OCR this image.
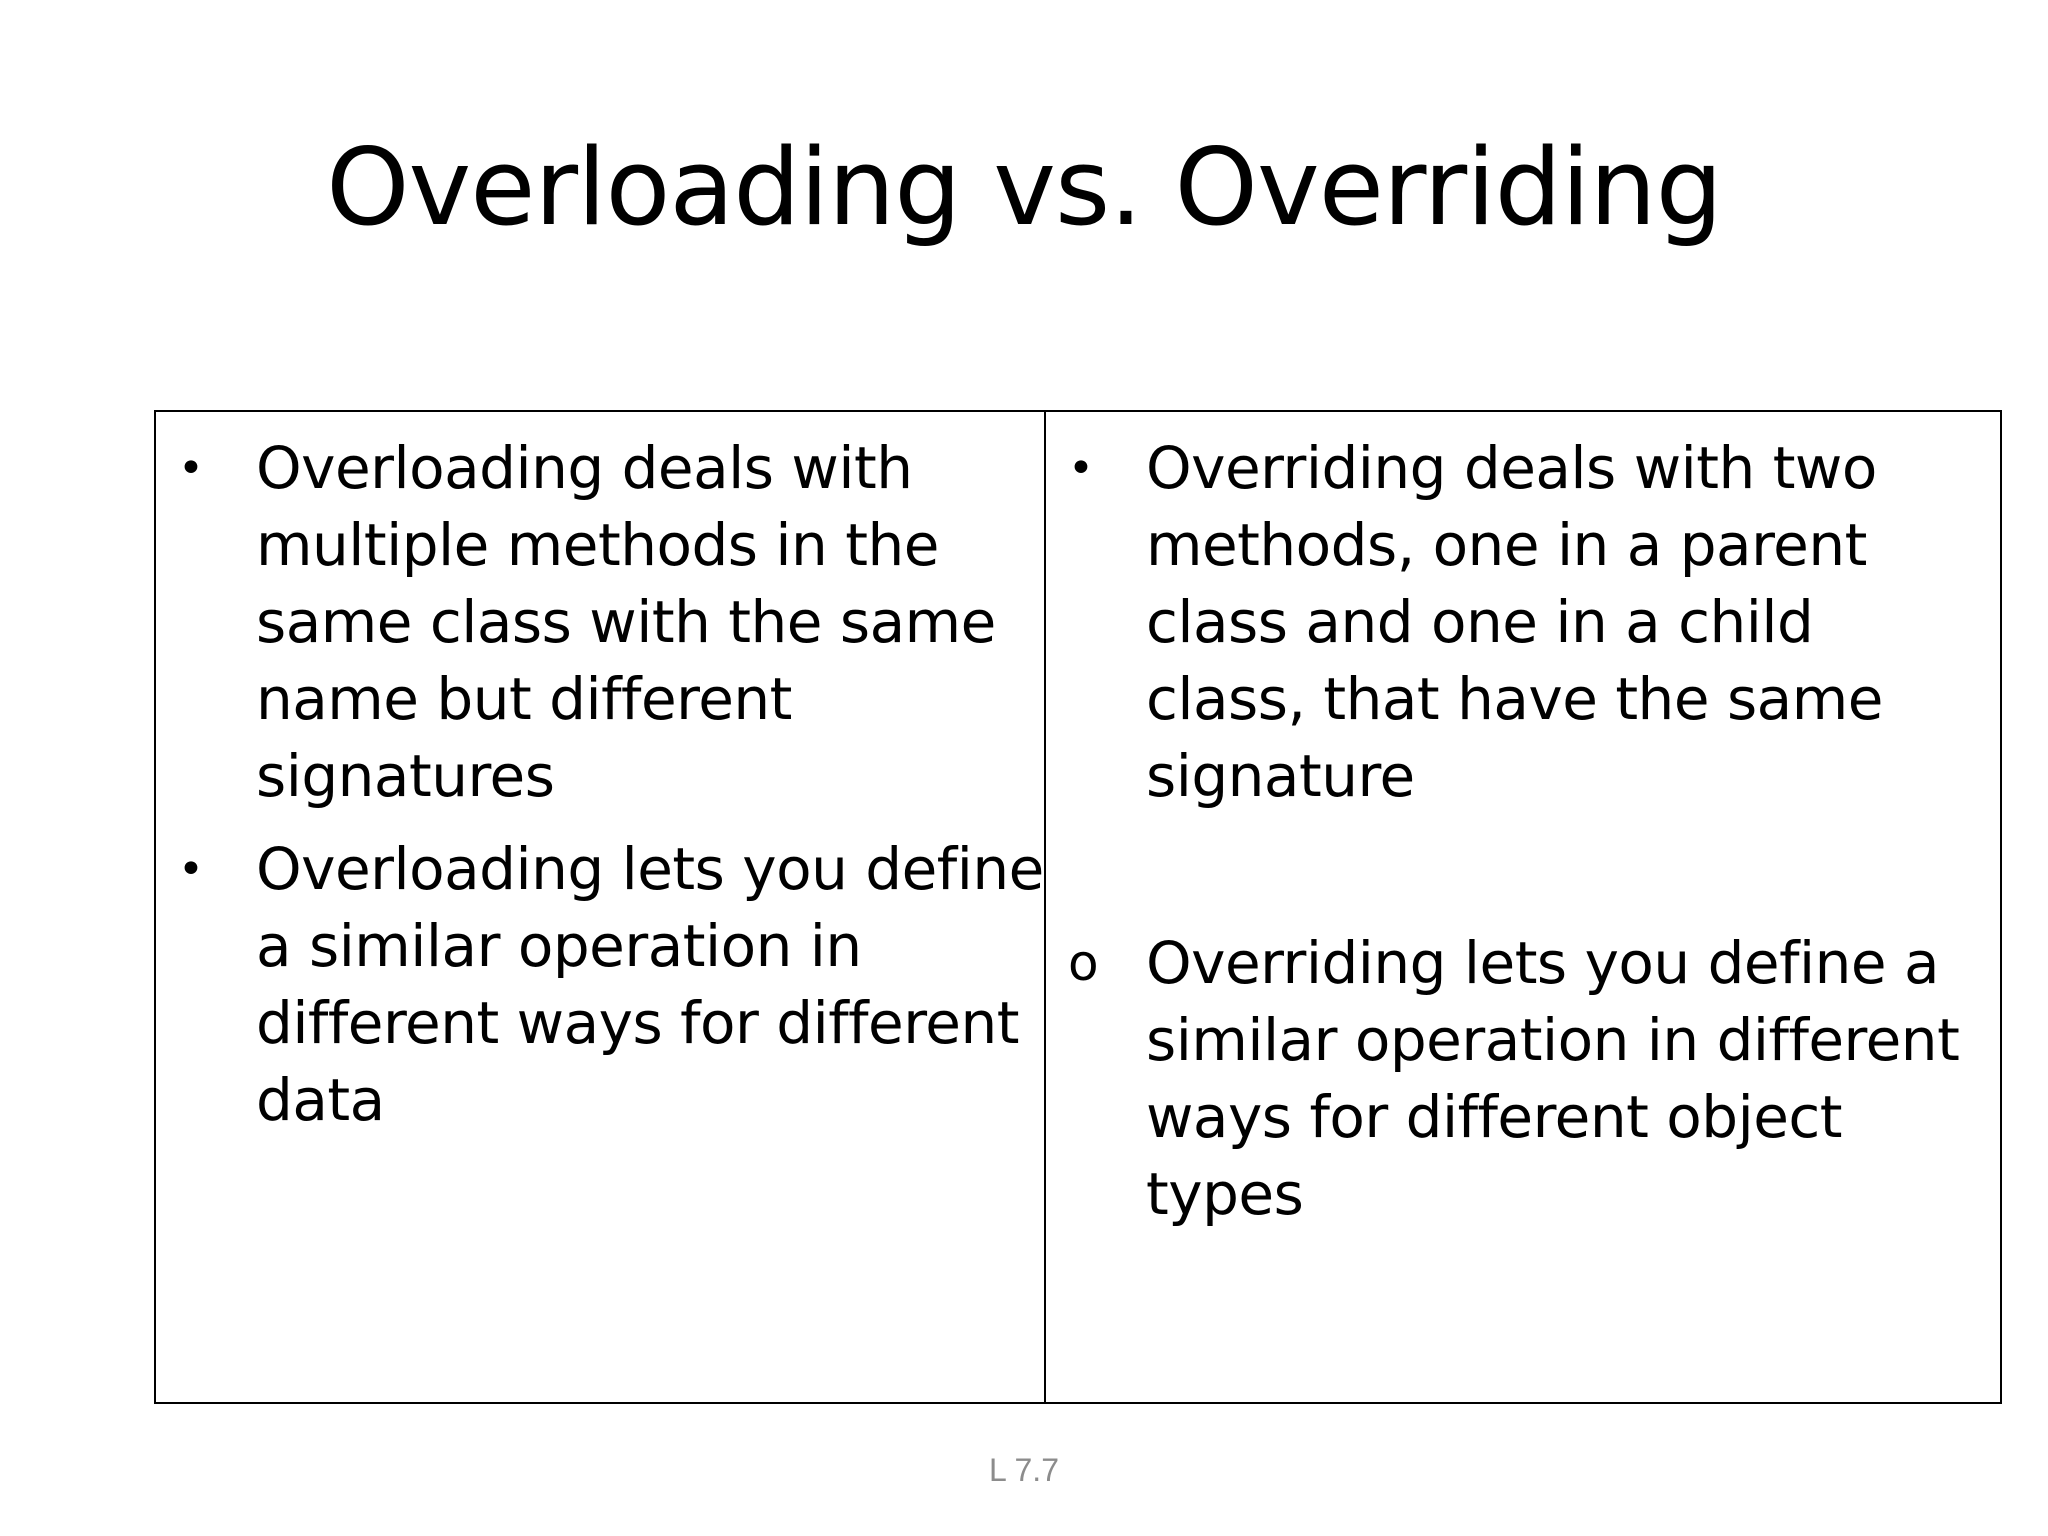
Overloading vs. Overriding
• Overloading deals with multiple methods in the same class with the same name but different signatures
• Overloading lets you define a similar operation in different ways for different data
• Overriding deals with two methods, one in a parent class and one in a child class, that have the same signature
o Overriding lets you define a similar operation in different ways for different object types
L 7.7
